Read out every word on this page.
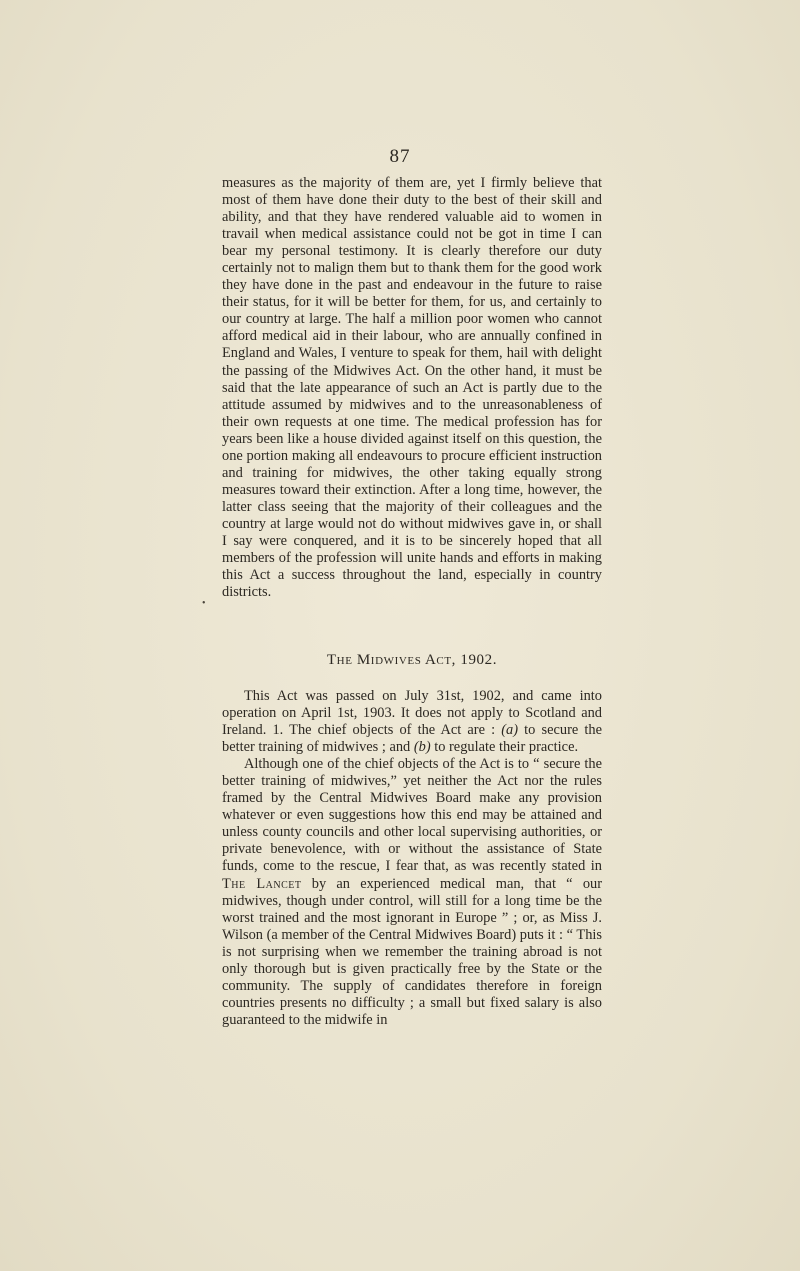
87

measures as the majority of them are, yet I firmly believe that most of them have done their duty to the best of their skill and ability, and that they have rendered valuable aid to women in travail when medical assistance could not be got in time I can bear my personal testimony. It is clearly therefore our duty certainly not to malign them but to thank them for the good work they have done in the past and endeavour in the future to raise their status, for it will be better for them, for us, and certainly to our country at large. The half a million poor women who cannot afford medical aid in their labour, who are annually confined in England and Wales, I venture to speak for them, hail with delight the passing of the Midwives Act. On the other hand, it must be said that the late appearance of such an Act is partly due to the attitude assumed by midwives and to the unreasonableness of their own requests at one time. The medical profession has for years been like a house divided against itself on this question, the one portion making all endeavours to procure efficient instruction and training for midwives, the other taking equally strong measures toward their extinction. After a long time, however, the latter class seeing that the majority of their colleagues and the country at large would not do without midwives gave in, or shall I say were conquered, and it is to be sincerely hoped that all members of the profession will unite hands and efforts in making this Act a success throughout the land, especially in country districts.

•
The Midwives Act, 1902.

This Act was passed on July 31st, 1902, and came into operation on April 1st, 1903. It does not apply to Scotland and Ireland. 1. The chief objects of the Act are : (a) to secure the better training of midwives ; and (b) to regulate their practice.

Although one of the chief objects of the Act is to “ secure the better training of midwives,” yet neither the Act nor the rules framed by the Central Midwives Board make any provision whatever or even suggestions how this end may be attained and unless county councils and other local supervising authorities, or private benevolence, with or without the assistance of State funds, come to the rescue, I fear that, as was recently stated in The Lancet by an experienced medical man, that “ our midwives, though under control, will still for a long time be the worst trained and the most ignorant in Europe ” ; or, as Miss J. Wilson (a member of the Central Midwives Board) puts it : “ This is not surprising when we remember the training abroad is not only thorough but is given practically free by the State or the community. The supply of candidates therefore in foreign countries presents no difficulty ; a small but fixed salary is also guaranteed to the midwife in
